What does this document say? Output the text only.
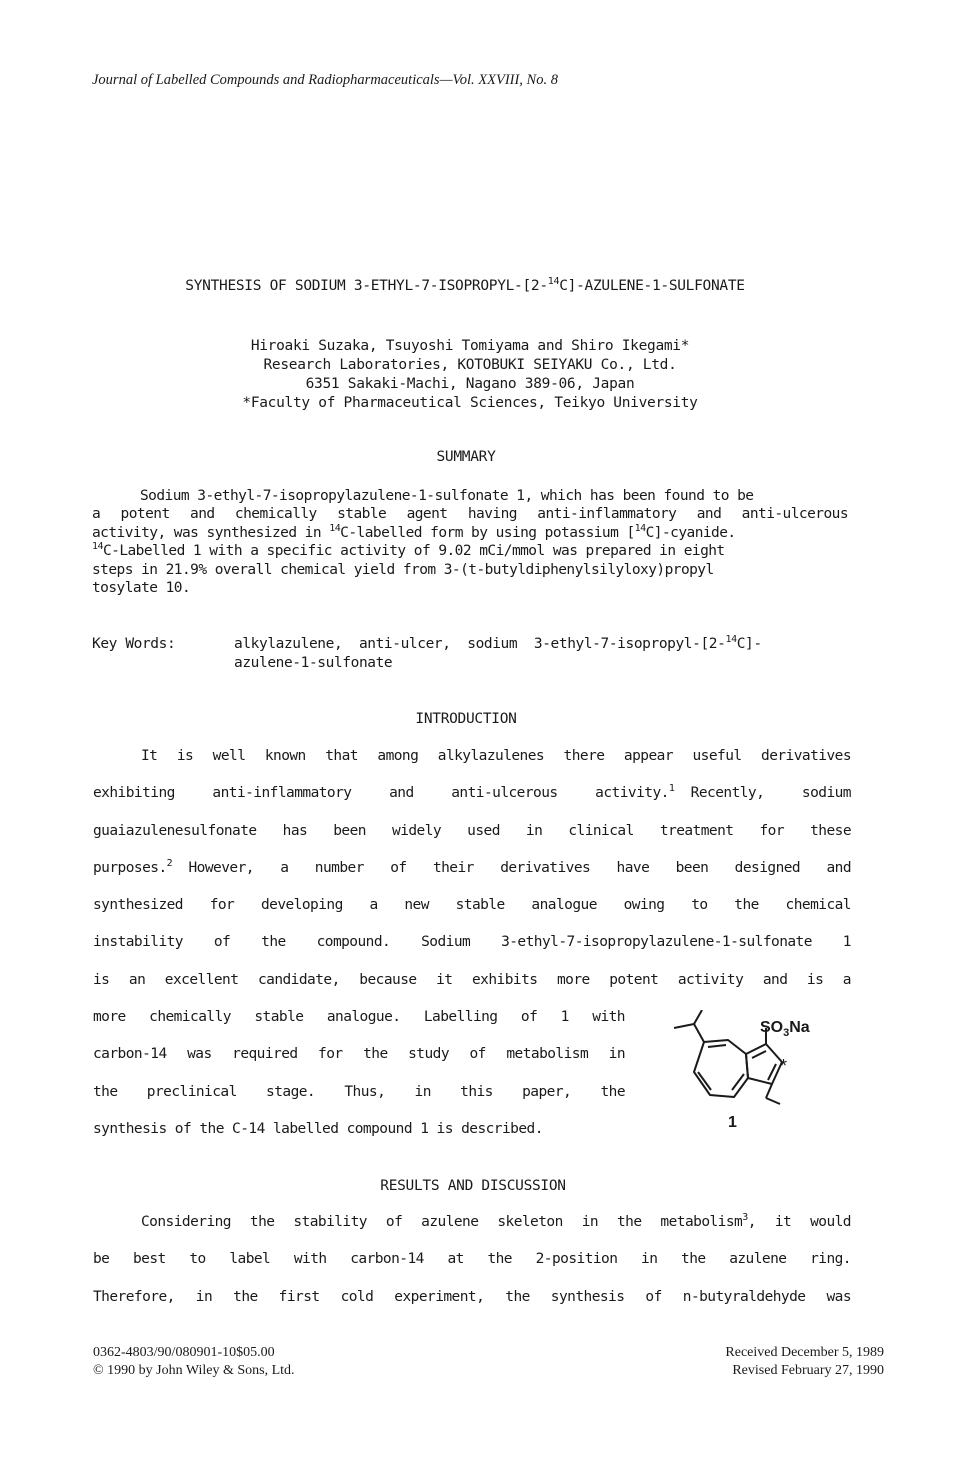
Journal of Labelled Compounds and Radiopharmaceuticals—Vol. XXVIII, No. 8
SYNTHESIS OF SODIUM 3-ETHYL-7-ISOPROPYL-[2-$^{14}$C]-AZULENE-1-SULFONATE
Hiroaki Suzaka, Tsuyoshi Tomiyama and Shiro Ikegami*
Research Laboratories, KOTOBUKI SEIYAKU Co., Ltd.
6351 Sakaki-Machi, Nagano 389-06, Japan
*Faculty of Pharmaceutical Sciences, Teikyo University
SUMMARY
Sodium 3-ethyl-7-isopropylazulene-1-sulfonate 1, which has been found to be
a potent and chemically stable agent having anti-inflammatory and anti-ulcerous
activity, was synthesized in $^{14}$C-labelled form by using potassium [$^{14}$C]-cyanide.
$^{14}$C-Labelled 1 with a specific activity of 9.02 mCi/mmol was prepared in eight
steps in 21.9% overall chemical yield from 3-(t-butyldiphenylsilyloxy)propyl
tosylate 10.
Key Words:	alkylazulene,  anti-ulcer,  sodium  3-ethyl-7-isopropyl-[2-$^{14}$C]-
azulene-1-sulfonate
INTRODUCTION
It is well known that among alkylazulenes there appear useful derivatives
exhibiting anti-inflammatory and anti-ulcerous activity.$^1$   Recently, sodium
guaiazulenesulfonate has been widely used in clinical treatment for these
purposes.$^2$   However, a number of their derivatives have been designed and
synthesized for developing a new stable analogue owing to the chemical
instability of the compound. Sodium 3-ethyl-7-isopropylazulene-1-sulfonate 1
is an excellent candidate, because it exhibits more potent activity and is a
more chemically stable analogue. Labelling of 1 with
carbon-14 was required for the study of metabolism in
the preclinical stage. Thus, in this paper, the
synthesis of the C-14 labelled compound 1 is described.
$SO_3Na$
*
1
RESULTS AND DISCUSSION
Considering the stability of azulene skeleton in the metabolism$^3$, it would
be best to label with carbon-14 at the 2-position in the azulene ring.
Therefore, in the first cold experiment, the synthesis of n-butyraldehyde was
0362-4803/90/080901-10$05.00
© 1990 by John Wiley & Sons, Ltd.
Received December 5, 1989
Revised February 27, 1990
